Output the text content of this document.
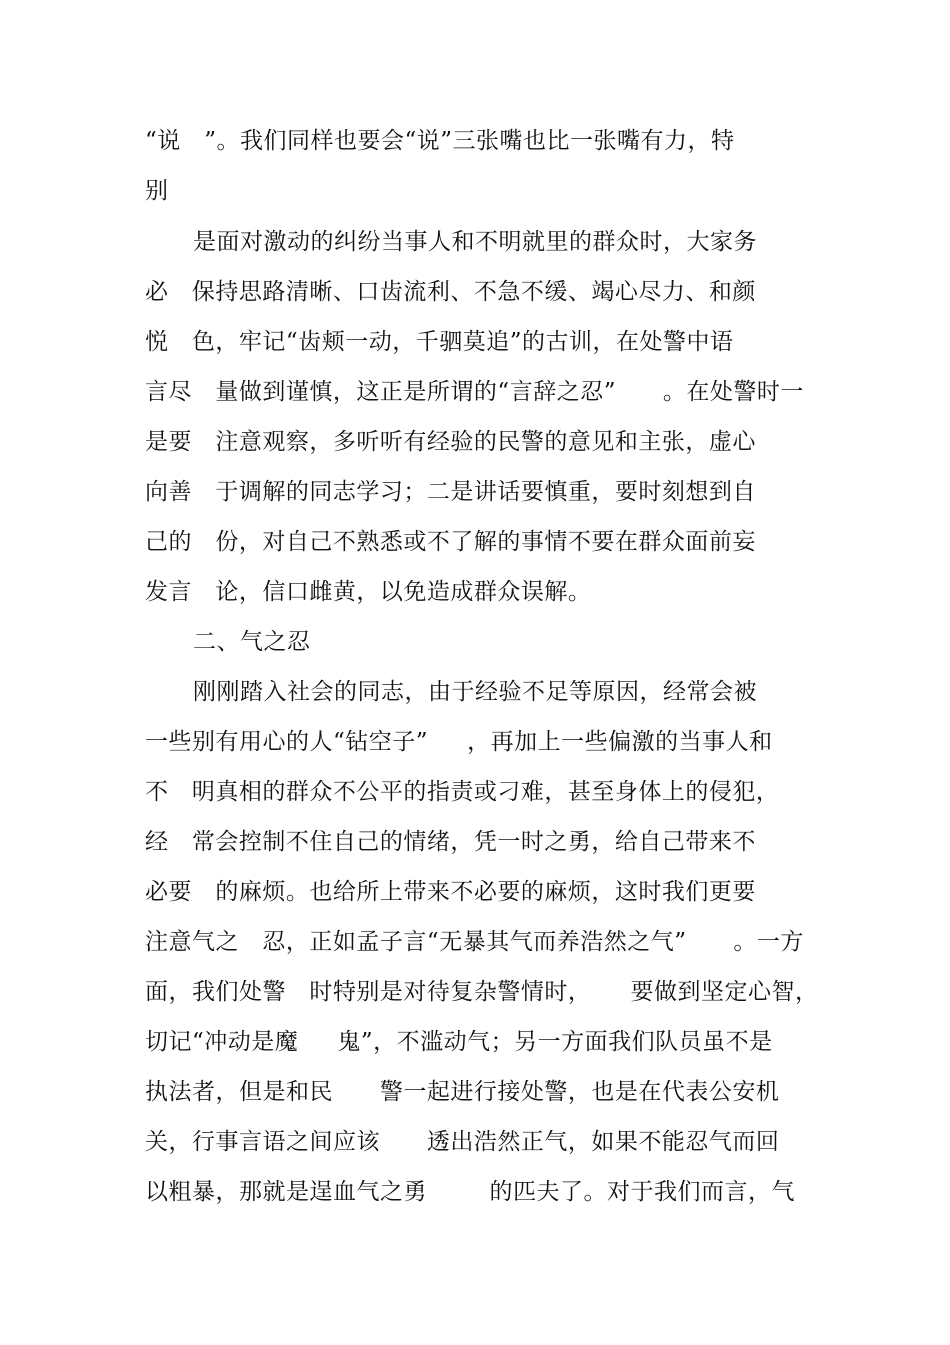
“说   ”。我们同样也要会“说”三张嘴也比一张嘴有力，特
别
是面对激动的纠纷当事人和不明就里的群众时，大家务
必   保持思路清晰、口齿流利、不急不缓、竭心尽力、和颜
悦   色，牢记“齿颊一动，千驷莫追”的古训，在处警中语
言尽   量做到谨慎，这正是所谓的“言辞之忍”      。在处警时一
是要   注意观察，多听听有经验的民警的意见和主张，虚心
向善   于调解的同志学习；二是讲话要慎重，要时刻想到自
己的   份，对自己不熟悉或不了解的事情不要在群众面前妄
发言   论，信口雌黄，以免造成群众误解。
二、气之忍
刚刚踏入社会的同志，由于经验不足等原因，经常会被
一些别有用心的人“钻空子”     ，再加上一些偏激的当事人和
不   明真相的群众不公平的指责或刁难，甚至身体上的侵犯，
经   常会控制不住自己的情绪，凭一时之勇，给自己带来不
必要   的麻烦。也给所上带来不必要的麻烦，这时我们更要
注意气之   忍，正如孟子言“无暴其气而养浩然之气”      。一方
面，我们处警   时特别是对待复杂警情时，     要做到坚定心智，
切记“冲动是魔     鬼”，不滥动气；另一方面我们队员虽不是
执法者，但是和民      警一起进行接处警，也是在代表公安机
关，行事言语之间应该      透出浩然正气，如果不能忍气而回
以粗暴，那就是逞血气之勇        的匹夫了。对于我们而言，气
